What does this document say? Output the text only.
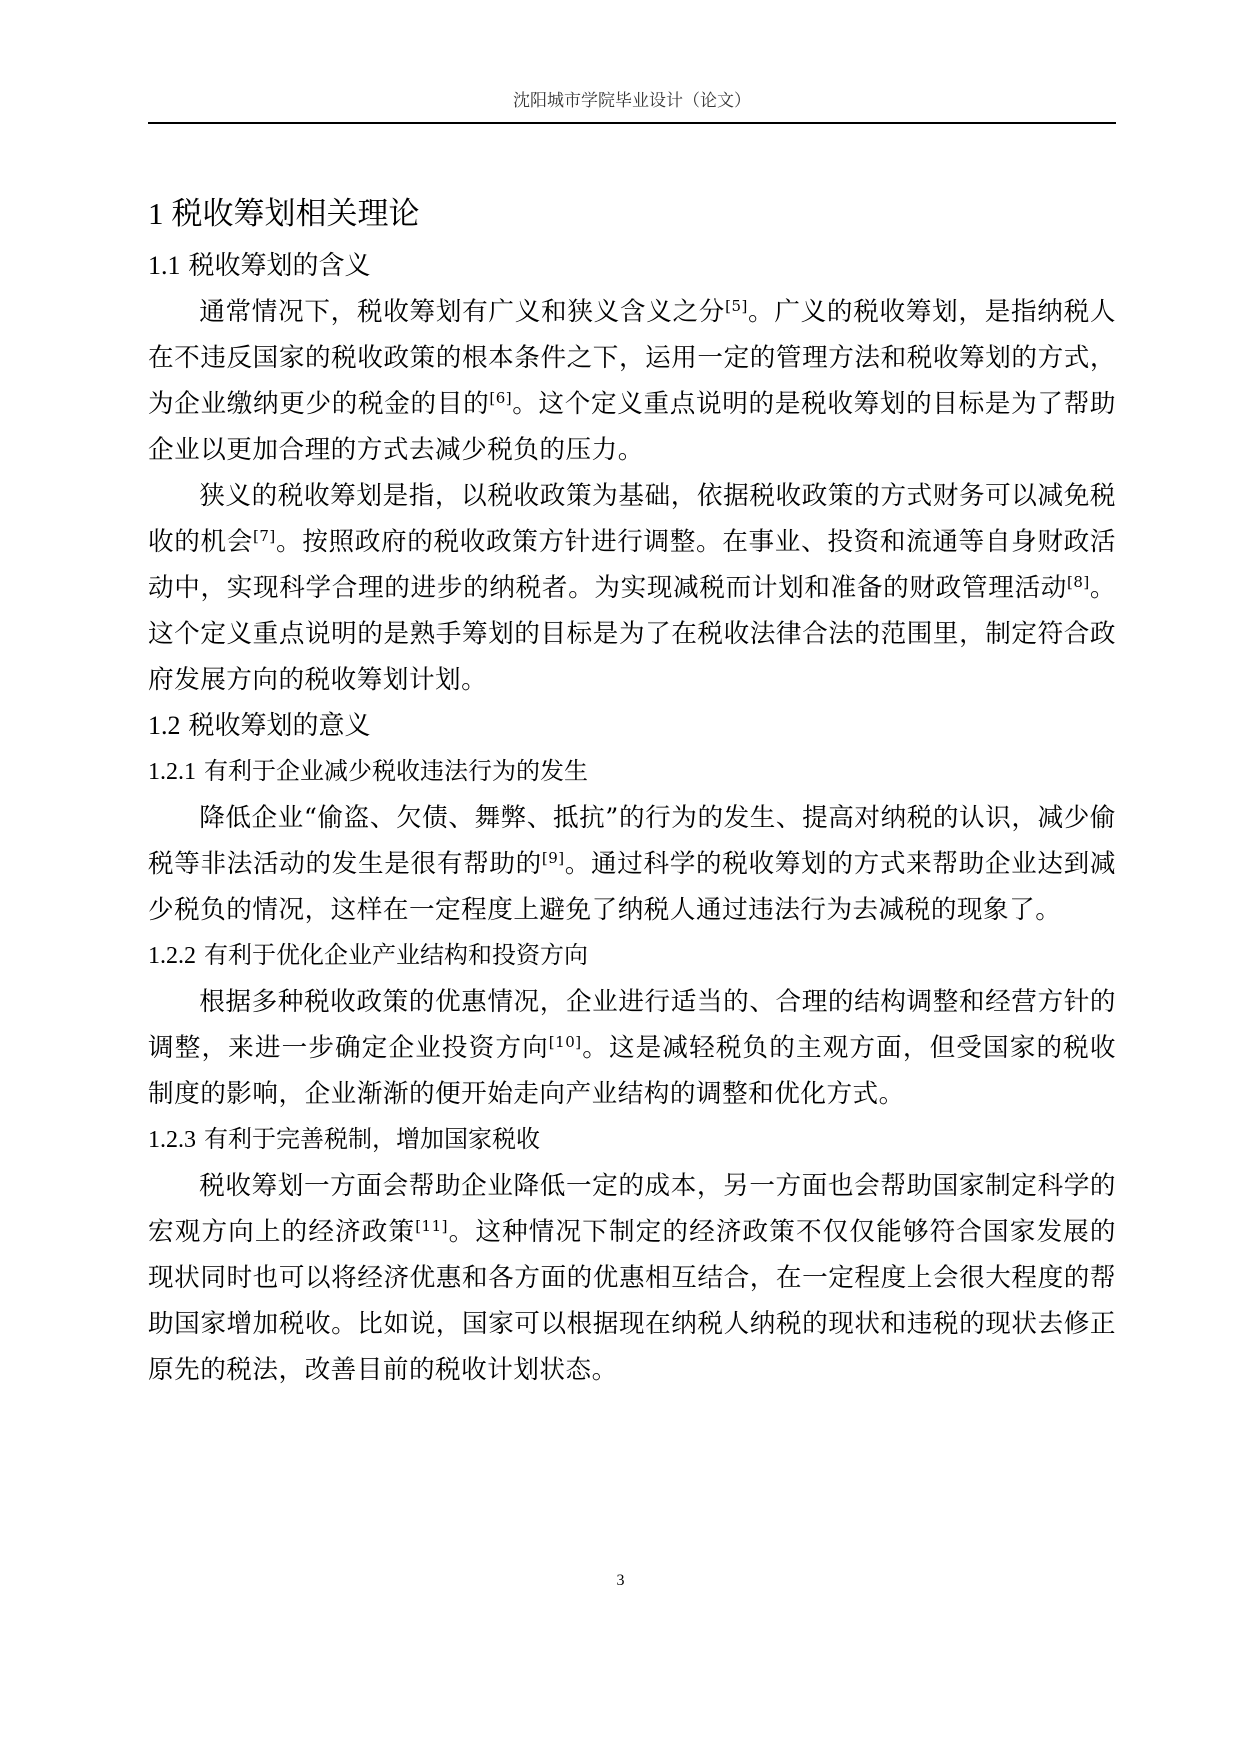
沈阳城市学院毕业设计（论文）
1 税收筹划相关理论
1.1 税收筹划的含义

通常情况下，税收筹划有广义和狭义含义之分[5]。广义的税收筹划，是指纳税人在不违反国家的税收政策的根本条件之下，运用一定的管理方法和税收筹划的方式，为企业缴纳更少的税金的目的[6]。这个定义重点说明的是税收筹划的目标是为了帮助企业以更加合理的方式去减少税负的压力。

狭义的税收筹划是指，以税收政策为基础，依据税收政策的方式财务可以减免税收的机会[7]。按照政府的税收政策方针进行调整。在事业、投资和流通等自身财政活动中，实现科学合理的进步的纳税者。为实现减税而计划和准备的财政管理活动[8]。这个定义重点说明的是熟手筹划的目标是为了在税收法律合法的范围里，制定符合政府发展方向的税收筹划计划。

1.2 税收筹划的意义
1.2.1 有利于企业减少税收违法行为的发生

降低企业“偷盗、欠债、舞弊、抵抗”的行为的发生、提高对纳税的认识，减少偷税等非法活动的发生是很有帮助的[9]。通过科学的税收筹划的方式来帮助企业达到减少税负的情况，这样在一定程度上避免了纳税人通过违法行为去减税的现象了。

1.2.2 有利于优化企业产业结构和投资方向

根据多种税收政策的优惠情况，企业进行适当的、合理的结构调整和经营方针的调整，来进一步确定企业投资方向[10]。这是减轻税负的主观方面，但受国家的税收制度的影响，企业渐渐的便开始走向产业结构的调整和优化方式。

1.2.3 有利于完善税制，增加国家税收

税收筹划一方面会帮助企业降低一定的成本，另一方面也会帮助国家制定科学的宏观方向上的经济政策[11]。这种情况下制定的经济政策不仅仅能够符合国家发展的现状同时也可以将经济优惠和各方面的优惠相互结合，在一定程度上会很大程度的帮助国家增加税收。比如说，国家可以根据现在纳税人纳税的现状和违税的现状去修正原先的税法，改善目前的税收计划状态。

3
